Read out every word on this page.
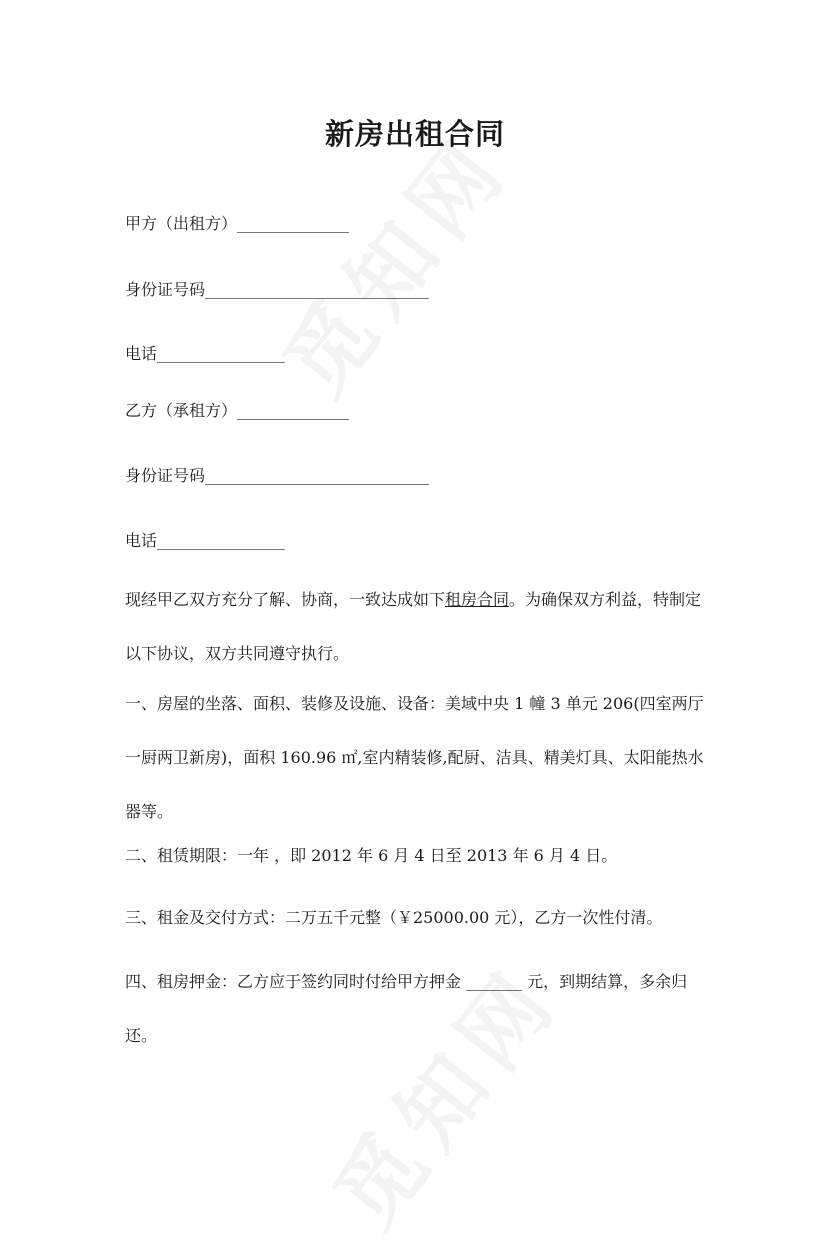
新房出租合同
甲方（出租方）______________
身份证号码____________________________
电话________________
乙方（承租方）______________
身份证号码____________________________
电话________________
现经甲乙双方充分了解、协商，一致达成如下租房合同。为确保双方利益，特制定以下协议，双方共同遵守执行。
一、房屋的坐落、面积、装修及设施、设备：美域中央 1 幢 3 单元 206(四室两厅一厨两卫新房)，面积 160.96 ㎡,室内精装修,配厨、洁具、精美灯具、太阳能热水器等。
二、租赁期限：一年 ，即 2012 年 6 月 4 日至 2013 年 6 月 4 日。
三、租金及交付方式：二万五千元整（￥25000.00 元），乙方一次性付清。
四、租房押金：乙方应于签约同时付给甲方押金 _______ 元，到期结算，多余归还。
